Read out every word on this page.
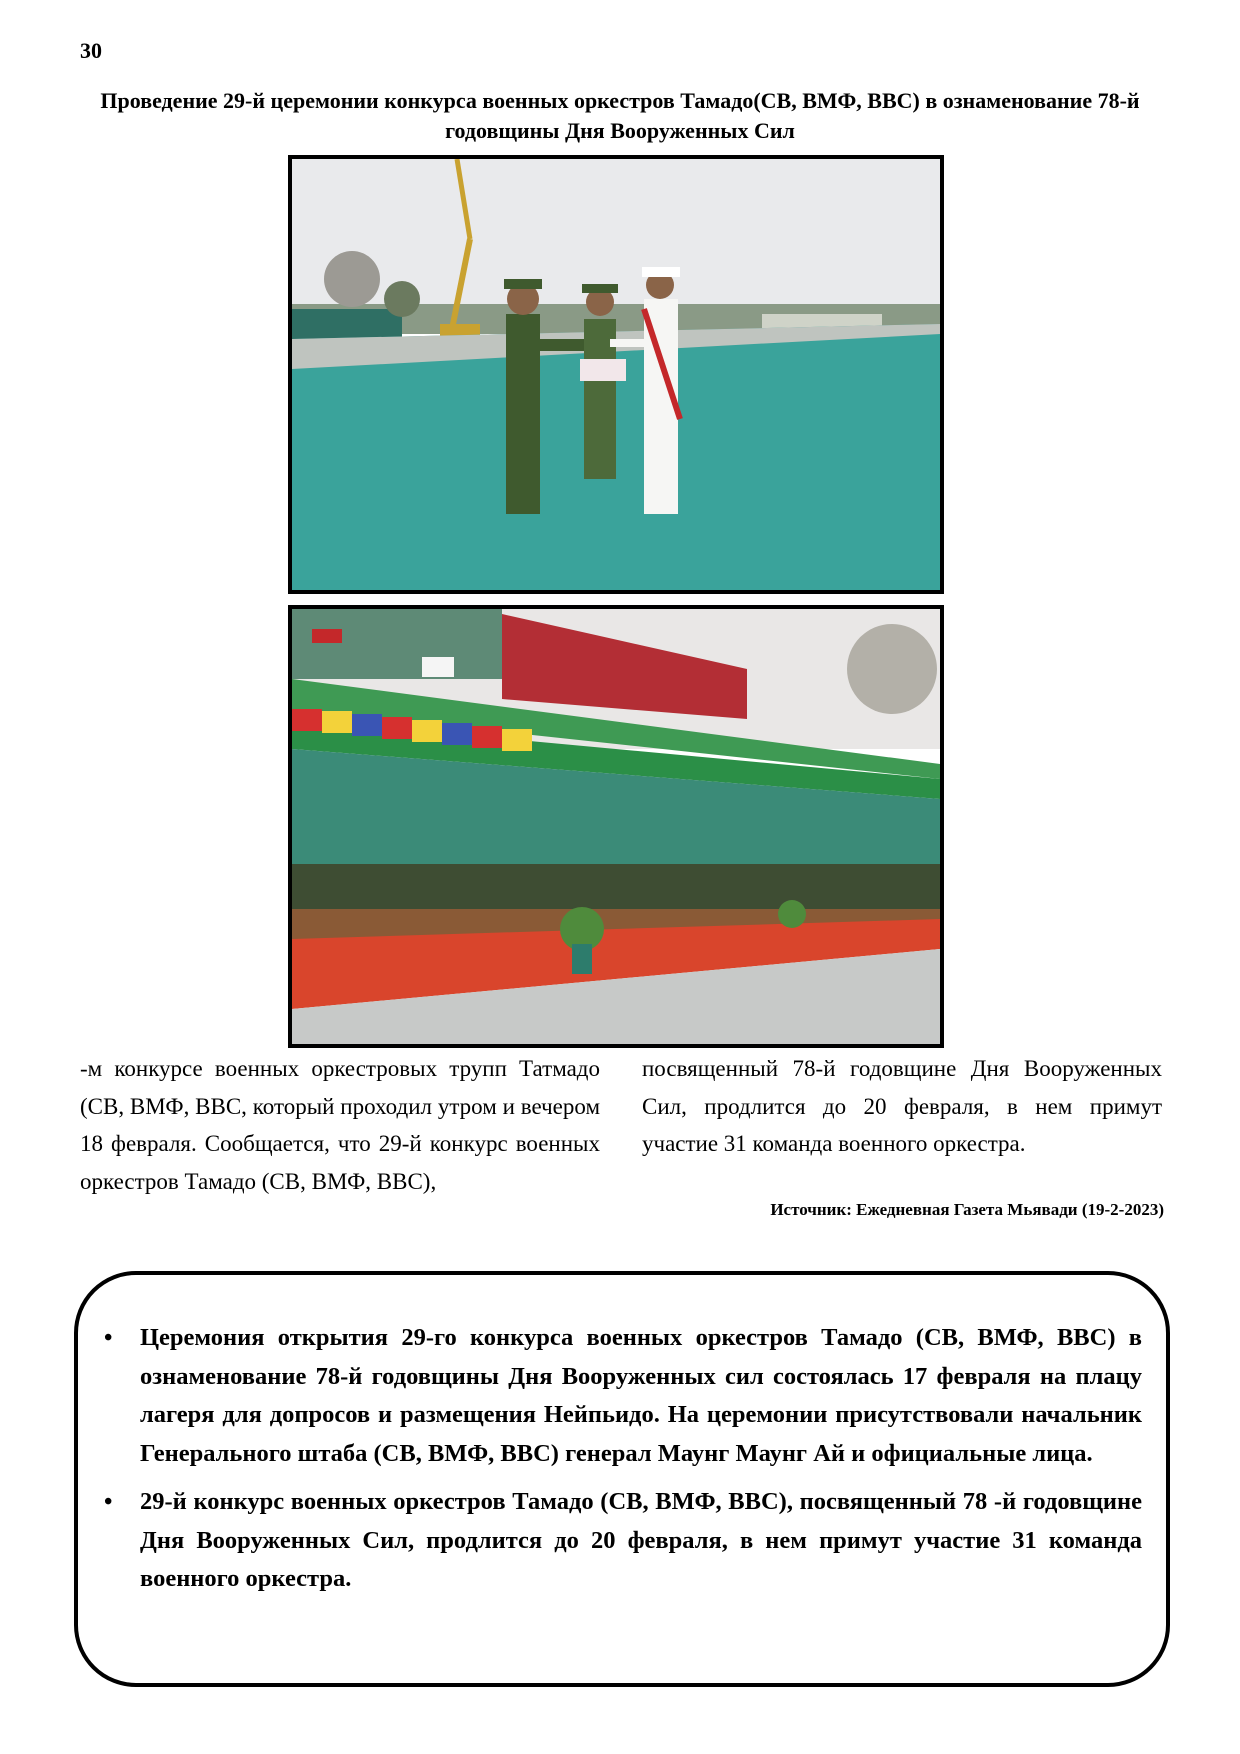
30
Проведение 29-й церемонии конкурса военных оркестров Тамадо(СВ, ВМФ, ВВС) в ознаменование 78-й годовщины Дня Вооруженных Сил

-м конкурсе военных оркестровых трупп Татмадо (СВ, ВМФ, ВВС, который проходил утром и вечером 18 февраля. Сообщается, что 29-й конкурс военных оркестров Тамадо (СВ, ВМФ, ВВС),

посвященный 78-й годовщине Дня Вооруженных Сил, продлится до 20 февраля, в нем примут участие 31 команда военного оркестра.

Источник: Ежедневная Газета Мьявади (19-2-2023)
• Церемония открытия 29-го конкурса военных оркестров Тамадо (СВ, ВМФ, ВВС) в ознаменование 78-й годовщины Дня Вооруженных сил состоялась 17 февраля на плацу лагеря для допросов и размещения Нейпьидо. На церемонии присутствовали начальник Генерального штаба (СВ, ВМФ, ВВС) генерал Маунг Маунг Ай и официальные лица.
• 29-й конкурс военных оркестров Тамадо (СВ, ВМФ, ВВС), посвященный 78 -й годовщине Дня Вооруженных Сил, продлится до 20 февраля, в нем примут участие 31 команда военного оркестра.
